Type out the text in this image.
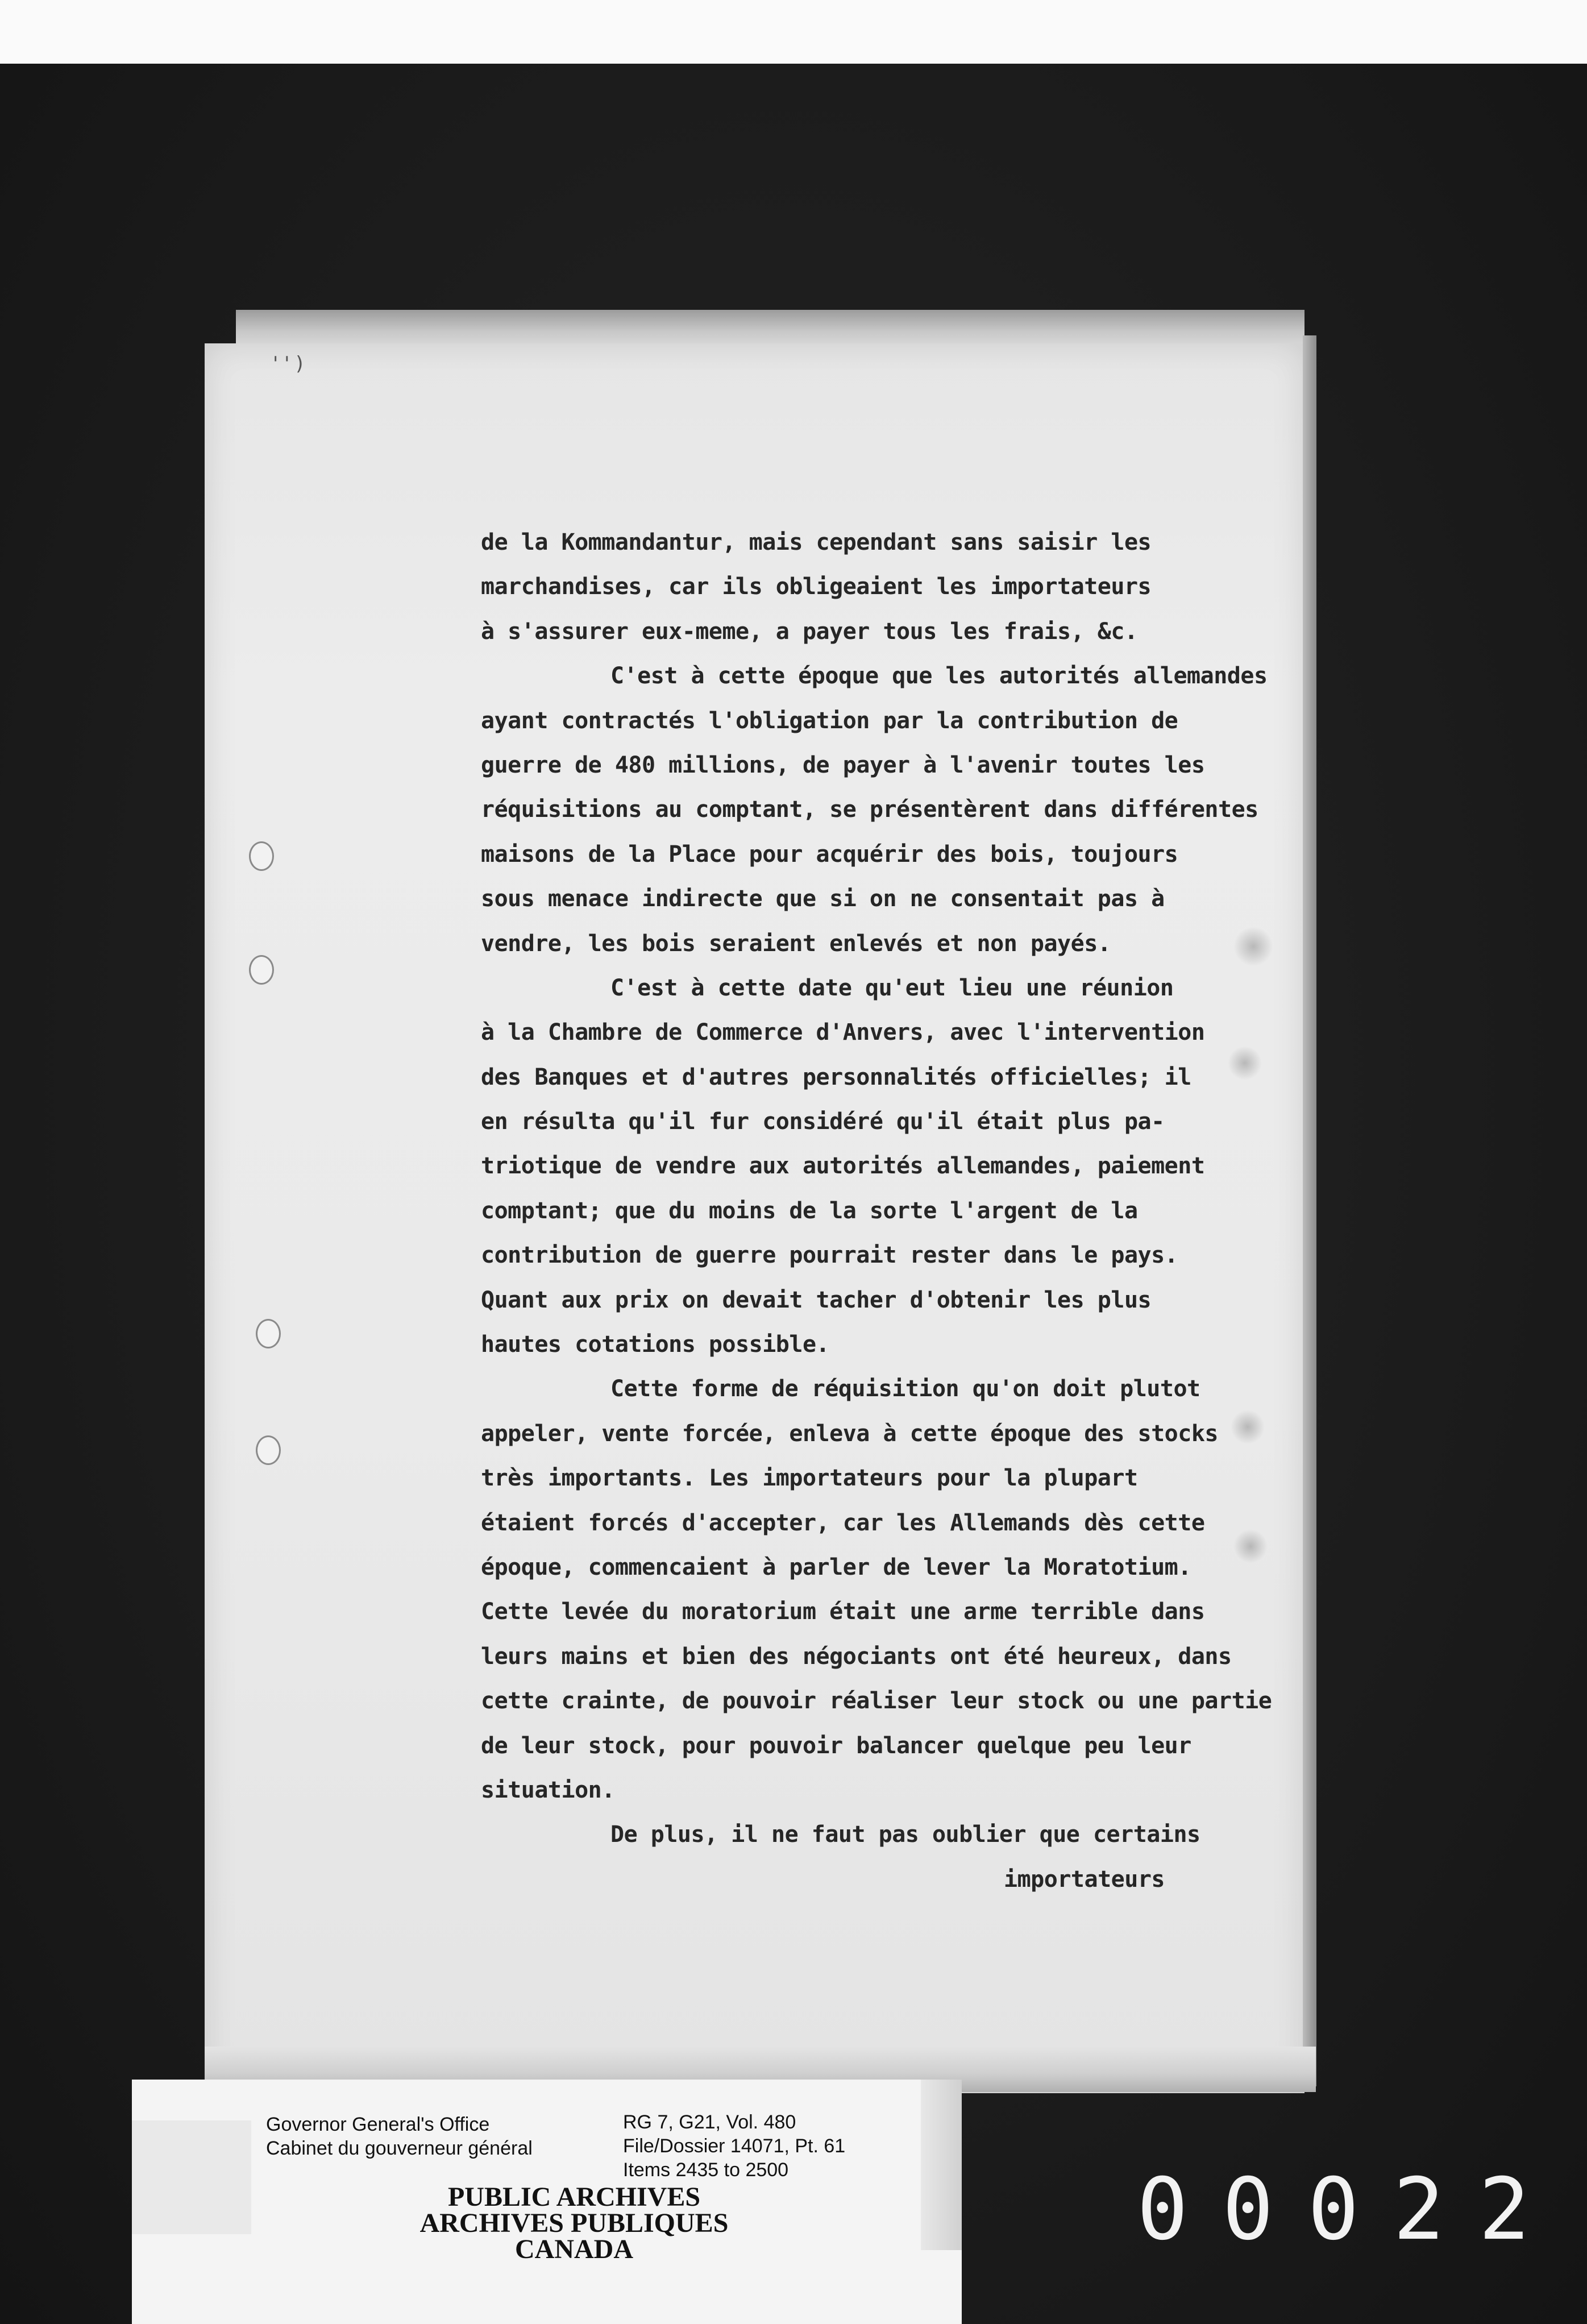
' ' )
de la Kommandantur, mais cependant sans saisir les
marchandises, car ils obligeaient les importateurs
à s'assurer eux-meme, a payer tous les frais, &c.
C'est à cette époque que les autorités allemandes
ayant contractés l'obligation par la contribution de
guerre de 480 millions, de payer à l'avenir toutes les
réquisitions au comptant, se présentèrent dans différentes
maisons de la Place pour acquérir des bois, toujours
sous menace indirecte que si on ne consentait pas à
vendre, les bois seraient enlevés et non payés.
C'est à cette date qu'eut lieu une réunion
à la Chambre de Commerce d'Anvers, avec l'intervention
des Banques et d'autres personnalités officielles; il
en résulta qu'il fur considéré qu'il était plus pa-
triotique de vendre aux autorités allemandes, paiement
comptant; que du moins de la sorte l'argent de la
contribution de guerre pourrait rester dans le pays.
Quant aux prix on devait tacher d'obtenir les plus
hautes cotations possible.
Cette forme de réquisition qu'on doit plutot
appeler, vente forcée, enleva à cette époque des stocks
très importants. Les importateurs pour la plupart
étaient forcés d'accepter, car les Allemands dès cette
époque, commencaient à parler de lever la Moratotium.
Cette levée du moratorium était une arme terrible dans
leurs mains et bien des négociants ont été heureux, dans
cette crainte, de pouvoir réaliser leur stock ou une partie
de leur stock, pour pouvoir balancer quelque peu leur
situation.
De plus, il ne faut pas oublier que certains
importateurs
Governor General's Office
Cabinet du gouverneur général
RG 7, G21, Vol. 480
File/Dossier 14071, Pt. 61
Items 2435 to 2500
PUBLIC ARCHIVES
ARCHIVES PUBLIQUES
CANADA	00022
